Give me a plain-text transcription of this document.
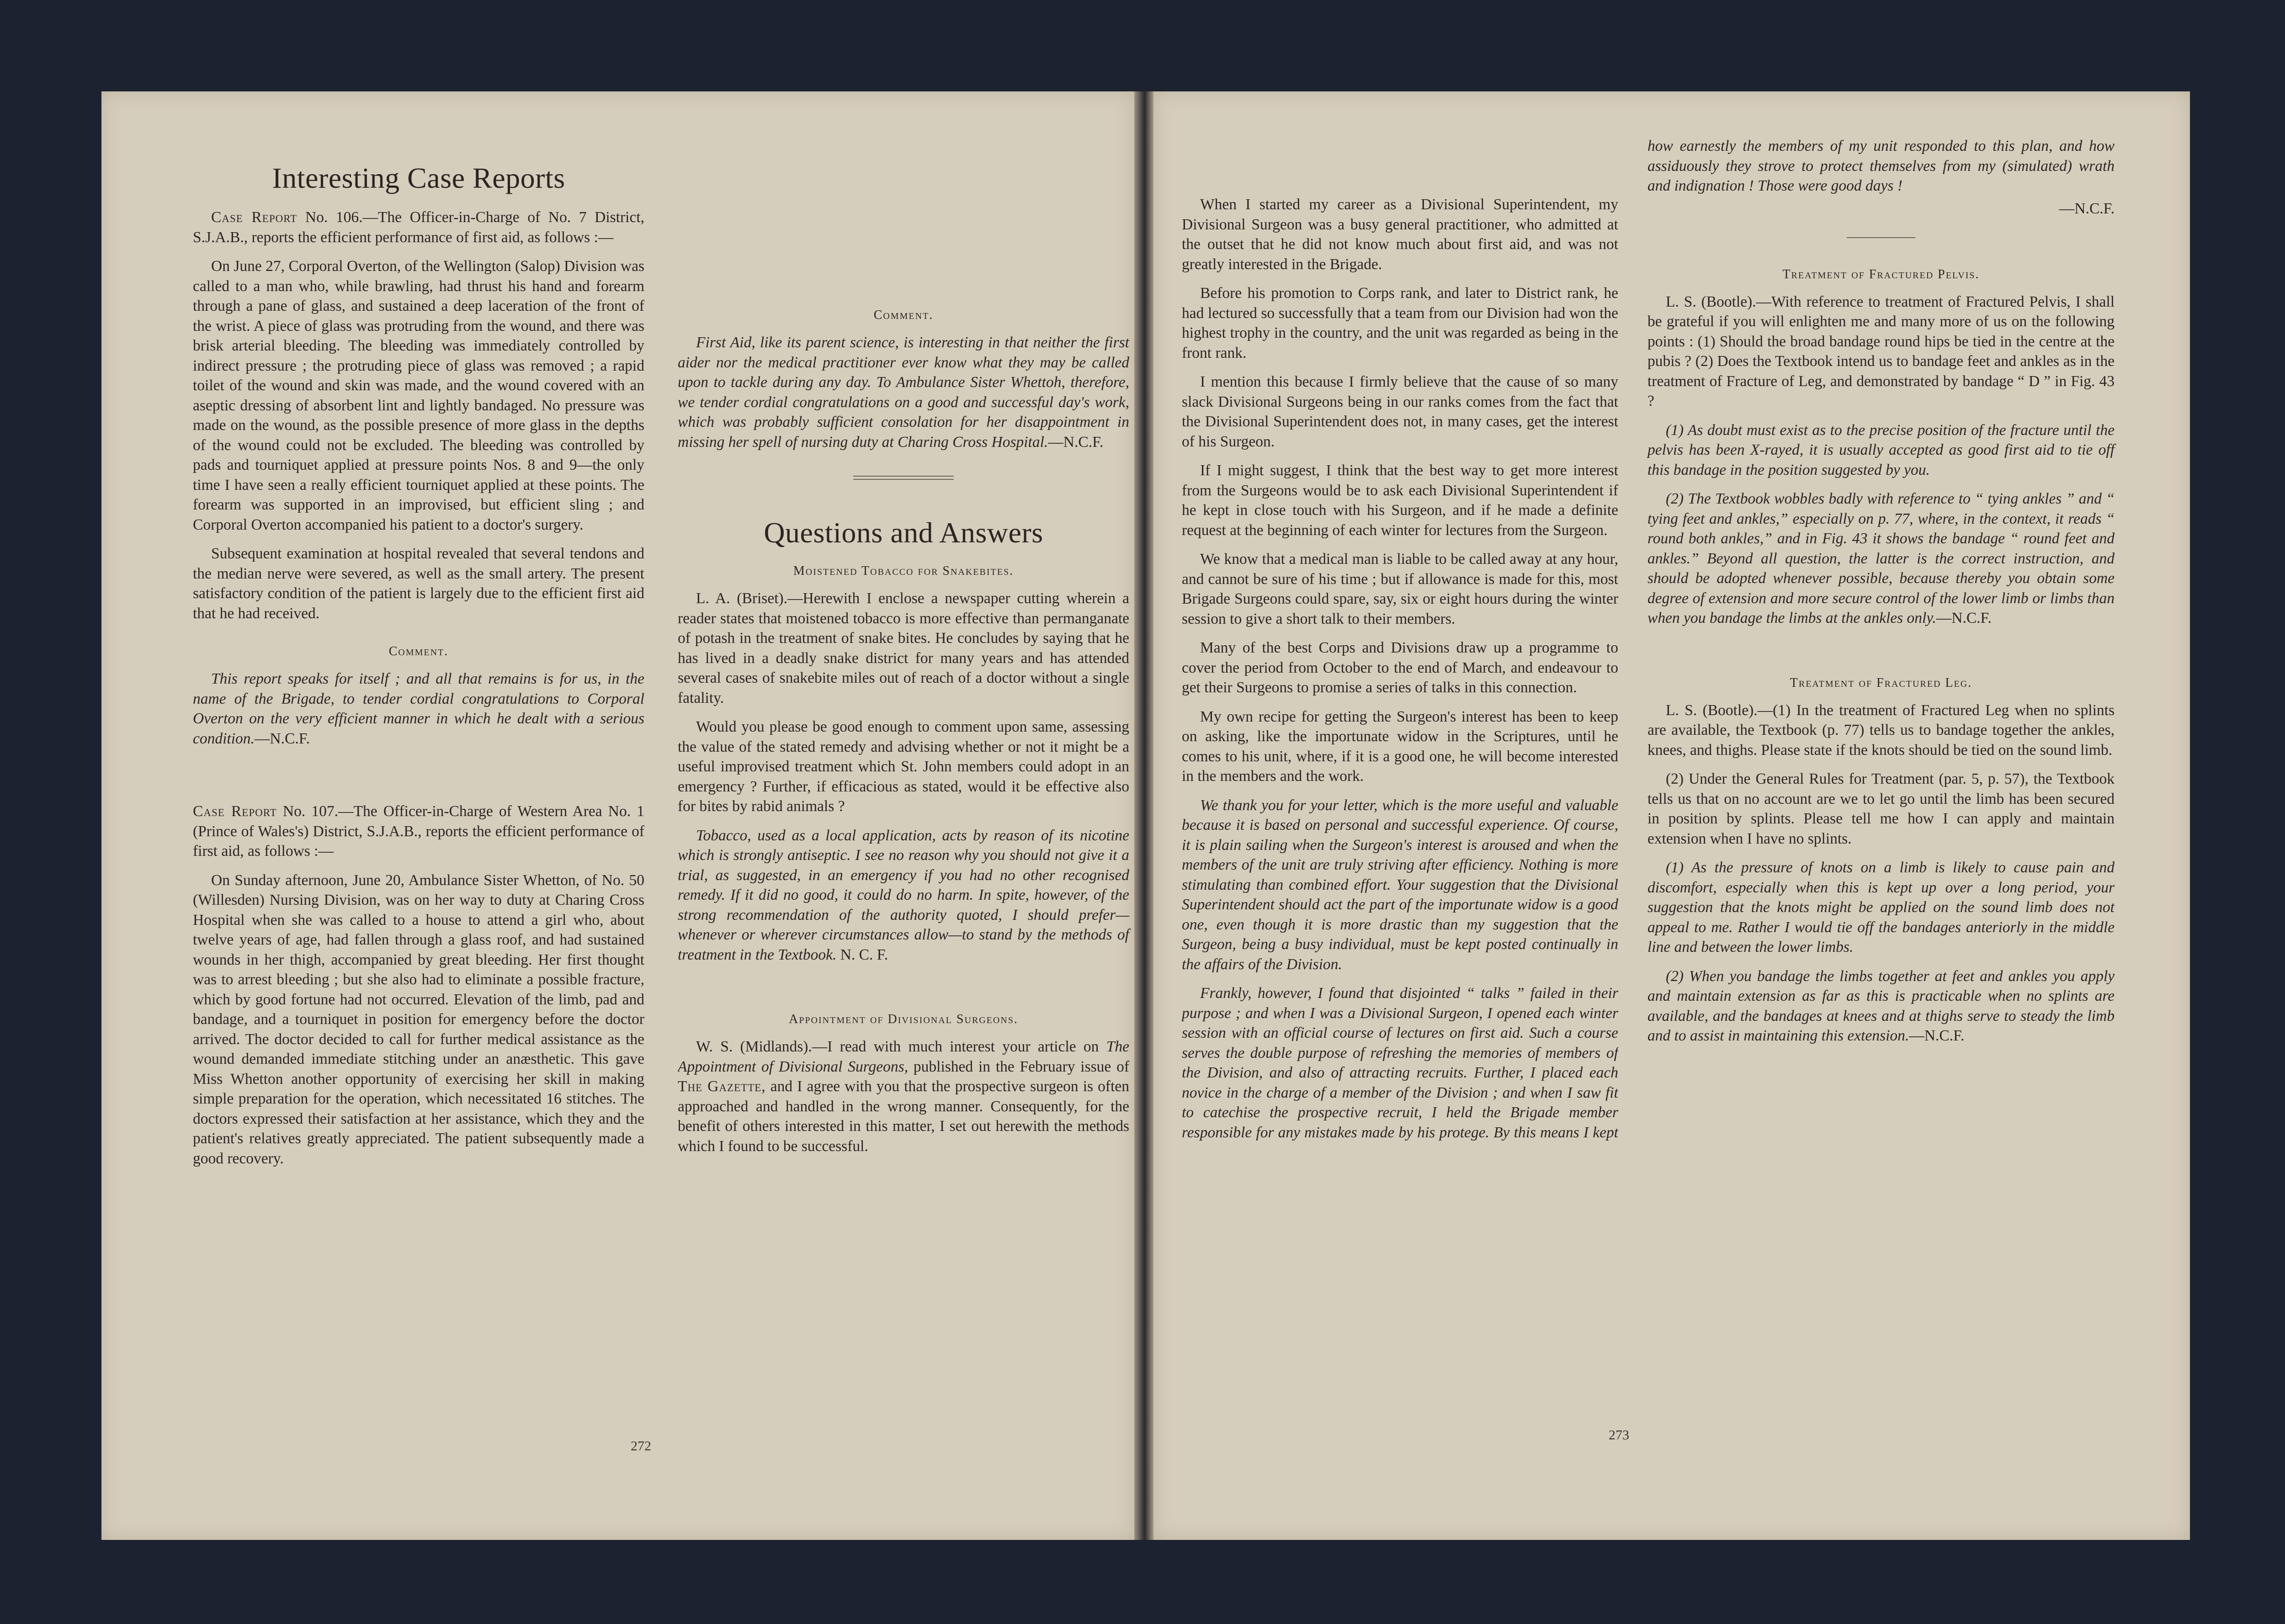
Interesting Case Reports

Case Report No. 106.—The Officer-in-Charge of No. 7 District, S.J.A.B., reports the efficient performance of first aid, as follows :—

On June 27, Corporal Overton, of the Wellington (Salop) Division was called to a man who, while brawling, had thrust his hand and forearm through a pane of glass, and sustained a deep laceration of the front of the wrist. A piece of glass was protruding from the wound, and there was brisk arterial bleeding. The bleeding was immediately controlled by indirect pressure ; the protruding piece of glass was removed ; a rapid toilet of the wound and skin was made, and the wound covered with an aseptic dressing of absorbent lint and lightly bandaged. No pressure was made on the wound, as the possible presence of more glass in the depths of the wound could not be excluded. The bleeding was controlled by pads and tourniquet applied at pressure points Nos. 8 and 9—the only time I have seen a really efficient tourniquet applied at these points. The forearm was supported in an improvised, but efficient sling ; and Corporal Overton accompanied his patient to a doctor's surgery.

Subsequent examination at hospital revealed that several tendons and the median nerve were severed, as well as the small artery. The present satisfactory condition of the patient is largely due to the efficient first aid that he had received.

Comment.

This report speaks for itself ; and all that remains is for us, in the name of the Brigade, to tender cordial congratulations to Corporal Overton on the very efficient manner in which he dealt with a serious condition.—N.C.F.

Case Report No. 107.—The Officer-in-Charge of Western Area No. 1 (Prince of Wales's) District, S.J.A.B., reports the efficient performance of first aid, as follows :—

On Sunday afternoon, June 20, Ambulance Sister Whetton, of No. 50 (Willesden) Nursing Division, was on her way to duty at Charing Cross Hospital when she was called to a house to attend a girl who, about twelve years of age, had fallen through a glass roof, and had sustained wounds in her thigh, accompanied by great bleeding. Her first thought was to arrest bleeding ; but she also had to eliminate a possible fracture, which by good fortune had not occurred. Elevation of the limb, pad and bandage, and a tourniquet in position for emergency before the doctor arrived. The doctor decided to call for further medical assistance as the wound demanded immediate stitching under an anæsthetic. This gave Miss Whetton another opportunity of exercising her skill in making simple preparation for the operation, which necessitated 16 stitches. The doctors expressed their satisfaction at her assistance, which they and the patient's relatives greatly appreciated. The patient subsequently made a good recovery.

Comment.

First Aid, like its parent science, is interesting in that neither the first aider nor the medical practitioner ever know what they may be called upon to tackle during any day. To Ambulance Sister Whettoh, therefore, we tender cordial congratulations on a good and successful day's work, which was probably sufficient consolation for her disappointment in missing her spell of nursing duty at Charing Cross Hospital.—N.C.F.

Questions and Answers
Moistened Tobacco for Snakebites.

L. A. (Briset).—Herewith I enclose a newspaper cutting wherein a reader states that moistened tobacco is more effective than permanganate of potash in the treatment of snake bites. He concludes by saying that he has lived in a deadly snake district for many years and has attended several cases of snakebite miles out of reach of a doctor without a single fatality.

Would you please be good enough to comment upon same, assessing the value of the stated remedy and advising whether or not it might be a useful improvised treatment which St. John members could adopt in an emergency ? Further, if efficacious as stated, would it be effective also for bites by rabid animals ?

Tobacco, used as a local application, acts by reason of its nicotine which is strongly antiseptic. I see no reason why you should not give it a trial, as suggested, in an emergency if you had no other recognised remedy. If it did no good, it could do no harm. In spite, however, of the strong recommendation of the authority quoted, I should prefer—whenever or wherever circumstances allow—to stand by the methods of treatment in the Textbook. N. C. F.

Appointment of Divisional Surgeons.

W. S. (Midlands).—I read with much interest your article on The Appointment of Divisional Surgeons, published in the February issue of The Gazette, and I agree with you that the prospective surgeon is often approached and handled in the wrong manner. Consequently, for the benefit of others interested in this matter, I set out herewith the methods which I found to be successful.

When I started my career as a Divisional Superintendent, my Divisional Surgeon was a busy general practitioner, who admitted at the outset that he did not know much about first aid, and was not greatly interested in the Brigade.

Before his promotion to Corps rank, and later to District rank, he had lectured so successfully that a team from our Division had won the highest trophy in the country, and the unit was regarded as being in the front rank.

I mention this because I firmly believe that the cause of so many slack Divisional Surgeons being in our ranks comes from the fact that the Divisional Superintendent does not, in many cases, get the interest of his Surgeon.

If I might suggest, I think that the best way to get more interest from the Surgeons would be to ask each Divisional Superintendent if he kept in close touch with his Surgeon, and if he made a definite request at the beginning of each winter for lectures from the Surgeon.

We know that a medical man is liable to be called away at any hour, and cannot be sure of his time ; but if allowance is made for this, most Brigade Surgeons could spare, say, six or eight hours during the winter session to give a short talk to their members.

Many of the best Corps and Divisions draw up a programme to cover the period from October to the end of March, and endeavour to get their Surgeons to promise a series of talks in this connection.

My own recipe for getting the Surgeon's interest has been to keep on asking, like the importunate widow in the Scriptures, until he comes to his unit, where, if it is a good one, he will become interested in the members and the work.

We thank you for your letter, which is the more useful and valuable because it is based on personal and successful experience. Of course, it is plain sailing when the Surgeon's interest is aroused and when the members of the unit are truly striving after efficiency. Nothing is more stimulating than combined effort. Your suggestion that the Divisional Superintendent should act the part of the importunate widow is a good one, even though it is more drastic than my suggestion that the Surgeon, being a busy individual, must be kept posted continually in the affairs of the Division.

Frankly, however, I found that disjointed “ talks ” failed in their purpose ; and when I was a Divisional Surgeon, I opened each winter session with an official course of lectures on first aid. Such a course serves the double purpose of refreshing the memories of members of the Division, and also of attracting recruits. Further, I placed each novice in the charge of a member of the Division ; and when I saw fit to catechise the prospective recruit, I held the Brigade member responsible for any mistakes made by his protege. By this means I kept

how earnestly the members of my unit responded to this plan, and how assiduously they strove to protect themselves from my (simulated) wrath and indignation ! Those were good days !

—N.C.F.

Treatment of Fractured Pelvis.

L. S. (Bootle).—With reference to treatment of Fractured Pelvis, I shall be grateful if you will enlighten me and many more of us on the following points : (1) Should the broad bandage round hips be tied in the centre at the pubis ? (2) Does the Textbook intend us to bandage feet and ankles as in the treatment of Fracture of Leg, and demonstrated by bandage “ D ” in Fig. 43 ?

(1) As doubt must exist as to the precise position of the fracture until the pelvis has been X-rayed, it is usually accepted as good first aid to tie off this bandage in the position suggested by you.

(2) The Textbook wobbles badly with reference to “ tying ankles ” and “ tying feet and ankles,” especially on p. 77, where, in the context, it reads “ round both ankles,” and in Fig. 43 it shows the bandage “ round feet and ankles.” Beyond all question, the latter is the correct instruction, and should be adopted whenever possible, because thereby you obtain some degree of extension and more secure control of the lower limb or limbs than when you bandage the limbs at the ankles only.—N.C.F.

Treatment of Fractured Leg.

L. S. (Bootle).—(1) In the treatment of Fractured Leg when no splints are available, the Textbook (p. 77) tells us to bandage together the ankles, knees, and thighs. Please state if the knots should be tied on the sound limb.

(2) Under the General Rules for Treatment (par. 5, p. 57), the Textbook tells us that on no account are we to let go until the limb has been secured in position by splints. Please tell me how I can apply and maintain extension when I have no splints.

(1) As the pressure of knots on a limb is likely to cause pain and discomfort, especially when this is kept up over a long period, your suggestion that the knots might be applied on the sound limb does not appeal to me. Rather I would tie off the bandages anteriorly in the middle line and between the lower limbs.

(2) When you bandage the limbs together at feet and ankles you apply and maintain extension as far as this is practicable when no splints are available, and the bandages at knees and at thighs serve to steady the limb and to assist in maintaining this extension.—N.C.F.

272
273
